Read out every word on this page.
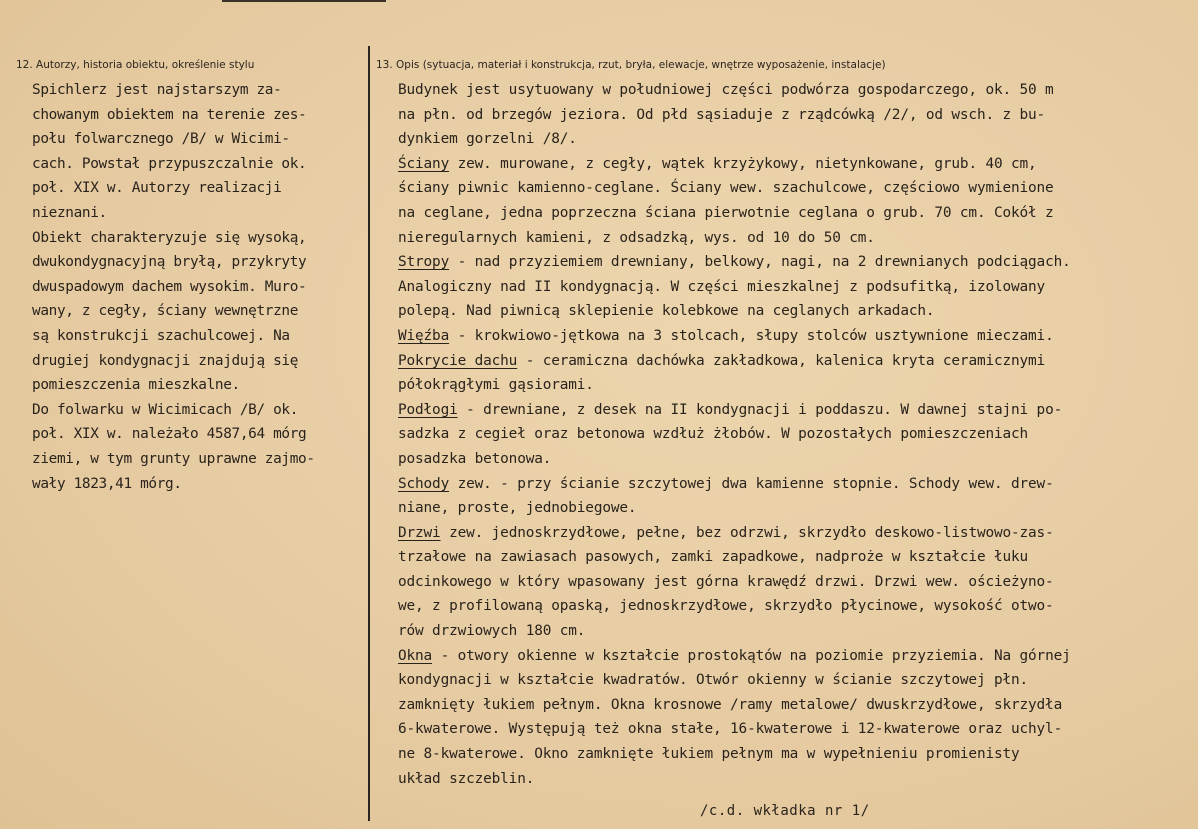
12. Autorzy, historia obiektu, określenie stylu	13. Opis (sytuacja, materiał i konstrukcja, rzut, bryła, elewacje, wnętrze wyposażenie, instalacje)
Spichlerz jest najstarszym za-
chowanym obiektem na terenie zes-
połu folwarcznego /B/ w Wicimi-
cach. Powstał przypuszczalnie ok.
poł. XIX w. Autorzy realizacji
nieznani.
Obiekt charakteryzuje się wysoką,
dwukondygnacyjną bryłą, przykryty
dwuspadowym dachem wysokim. Muro-
wany, z cegły, ściany wewnętrzne
są konstrukcji szachulcowej. Na
drugiej kondygnacji znajdują się
pomieszczenia mieszkalne.
Do folwarku w Wicimicach /B/ ok.
poł. XIX w. należało 4587,64 mórg
ziemi, w tym grunty uprawne zajmo-
wały 1823,41 mórg.
Budynek jest usytuowany w południowej części podwórza gospodarczego, ok. 50 m
na płn. od brzegów jeziora. Od płd sąsiaduje z rządcówką /2/, od wsch. z bu-
dynkiem gorzelni /8/.
Ściany zew. murowane, z cegły, wątek krzyżykowy, nietynkowane, grub. 40 cm,
ściany piwnic kamienno-ceglane. Ściany wew. szachulcowe, częściowo wymienione
na ceglane, jedna poprzeczna ściana pierwotnie ceglana o grub. 70 cm. Cokół z
nieregularnych kamieni, z odsadzką, wys. od 10 do 50 cm.
Stropy - nad przyziemiem drewniany, belkowy, nagi, na 2 drewnianych podciągach.
Analogiczny nad II kondygnacją. W części mieszkalnej z podsufitką, izolowany
polepą. Nad piwnicą sklepienie kolebkowe na ceglanych arkadach.
Więźba - krokwiowo-jętkowa na 3 stolcach, słupy stolców usztywnione mieczami.
Pokrycie dachu - ceramiczna dachówka zakładkowa, kalenica kryta ceramicznymi
półokrągłymi gąsiorami.
Podłogi - drewniane, z desek na II kondygnacji i poddaszu. W dawnej stajni po-
sadzka z cegieł oraz betonowa wzdłuż żłobów. W pozostałych pomieszczeniach
posadzka betonowa.
Schody zew. - przy ścianie szczytowej dwa kamienne stopnie. Schody wew. drew-
niane, proste, jednobiegowe.
Drzwi zew. jednoskrzydłowe, pełne, bez odrzwi, skrzydło deskowo-listwowo-zas-
trzałowe na zawiasach pasowych, zamki zapadkowe, nadproże w kształcie łuku
odcinkowego w który wpasowany jest górna krawędź drzwi. Drzwi wew. ościeżyno-
we, z profilowaną opaską, jednoskrzydłowe, skrzydło płycinowe, wysokość otwo-
rów drzwiowych 180 cm.
Okna - otwory okienne w kształcie prostokątów na poziomie przyziemia. Na górnej
kondygnacji w kształcie kwadratów. Otwór okienny w ścianie szczytowej płn.
zamknięty łukiem pełnym. Okna krosnowe /ramy metalowe/ dwuskrzydłowe, skrzydła
6-kwaterowe. Występują też okna stałe, 16-kwaterowe i 12-kwaterowe oraz uchyl-
ne 8-kwaterowe. Okno zamknięte łukiem pełnym ma w wypełnieniu promienisty
układ szczeblin.
/c.d. wkładka nr 1/
